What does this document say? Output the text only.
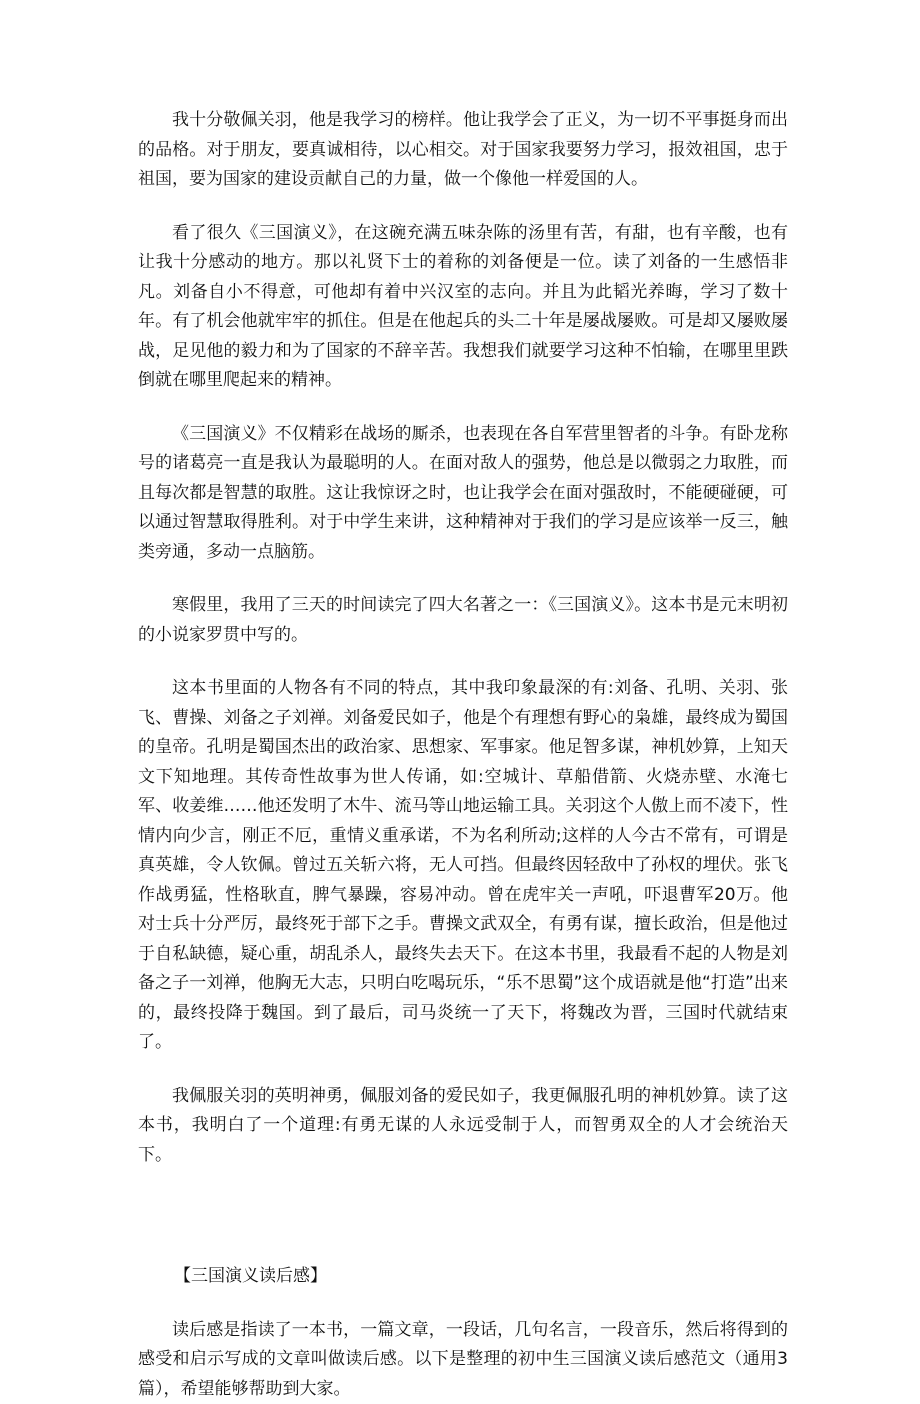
我十分敬佩关羽，他是我学习的榜样。他让我学会了正义，为一切不平事挺身而出的品格。对于朋友，要真诚相待，以心相交。对于国家我要努力学习，报效祖国，忠于祖国，要为国家的建设贡献自己的力量，做一个像他一样爱国的人。

看了很久《三国演义》，在这碗充满五味杂陈的汤里有苦，有甜，也有辛酸，也有让我十分感动的地方。那以礼贤下士的着称的刘备便是一位。读了刘备的一生感悟非凡。刘备自小不得意，可他却有着中兴汉室的志向。并且为此韬光养晦，学习了数十年。有了机会他就牢牢的抓住。但是在他起兵的头二十年是屡战屡败。可是却又屡败屡战，足见他的毅力和为了国家的不辞辛苦。我想我们就要学习这种不怕输，在哪里里跌倒就在哪里爬起来的精神。

《三国演义》不仅精彩在战场的厮杀，也表现在各自军营里智者的斗争。有卧龙称号的诸葛亮一直是我认为最聪明的人。在面对敌人的强势，他总是以微弱之力取胜，而且每次都是智慧的取胜。这让我惊讶之时，也让我学会在面对强敌时，不能硬碰硬，可以通过智慧取得胜利。对于中学生来讲，这种精神对于我们的学习是应该举一反三，触类旁通，多动一点脑筋。

寒假里，我用了三天的时间读完了四大名著之一：《三国演义》。这本书是元末明初的小说家罗贯中写的。

这本书里面的人物各有不同的特点，其中我印象最深的有:刘备、孔明、关羽、张飞、曹操、刘备之子刘禅。刘备爱民如子，他是个有理想有野心的枭雄，最终成为蜀国的皇帝。孔明是蜀国杰出的政治家、思想家、军事家。他足智多谋，神机妙算，上知天文下知地理。其传奇性故事为世人传诵，如:空城计、草船借箭、火烧赤壁、水淹七军、收姜维……他还发明了木牛、流马等山地运输工具。关羽这个人傲上而不凌下，性情内向少言，刚正不厄，重情义重承诺，不为名利所动;这样的人今古不常有，可谓是真英雄，令人钦佩。曾过五关斩六将，无人可挡。但最终因轻敌中了孙权的埋伏。张飞作战勇猛，性格耿直，脾气暴躁，容易冲动。曾在虎牢关一声吼，吓退曹军20万。他对士兵十分严厉，最终死于部下之手。曹操文武双全，有勇有谋，擅长政治，但是他过于自私缺德，疑心重，胡乱杀人，最终失去天下。在这本书里，我最看不起的人物是刘备之子一刘禅，他胸无大志，只明白吃喝玩乐，“乐不思蜀”这个成语就是他“打造”出来的，最终投降于魏国。到了最后，司马炎统一了天下，将魏改为晋，三国时代就结束了。

我佩服关羽的英明神勇，佩服刘备的爱民如子，我更佩服孔明的神机妙算。读了这本书，我明白了一个道理:有勇无谋的人永远受制于人，而智勇双全的人才会统治天下。

【三国演义读后感】

读后感是指读了一本书，一篇文章，一段话，几句名言，一段音乐，然后将得到的感受和启示写成的文章叫做读后感。以下是整理的初中生三国演义读后感范文（通用3篇），希望能够帮助到大家。
